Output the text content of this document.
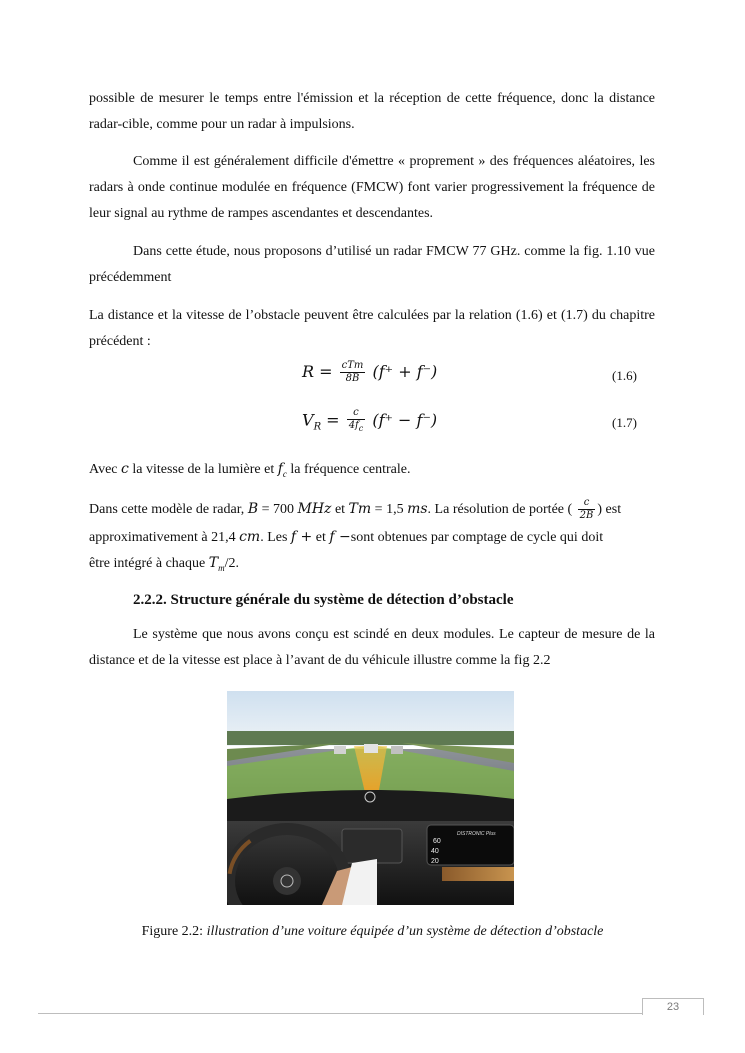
possible de mesurer le temps entre l'émission et la réception de cette fréquence, donc la distance radar-cible, comme pour un radar à impulsions.

Comme il est généralement difficile d'émettre « proprement » des fréquences aléatoires, les radars à onde continue modulée en fréquence (FMCW) font varier progressivement la fréquence de leur signal au rythme de rampes ascendantes et descendantes.

Dans cette étude, nous proposons d’utilisé un radar FMCW 77 GHz. comme la fig. 1.10 vue précédemment

La distance et la vitesse de l’obstacle peuvent être calculées par la relation (1.6) et (1.7) du chapitre précédent :

$R = \frac{\text{cTm}}{8B} (f^+ + f^-)$	(1.6)
$V_R = \frac{c}{4f_c} (f^+ - f^-)$	(1.7)

Avec c la vitesse de la lumière et $f_c$ la fréquence centrale.

Dans cette modèle de radar, B = 700 MHz et Tm = 1,5 ms. La résolution de portée ( $\frac{c}{2B}$ ) est
approximativement à 21,4 cm. Les f + et f −sont obtenues par comptage de cycle qui doit
être intégré à chaque $T_m/2$.
2.2.2. Structure générale du système de détection d’obstacle

Le système que nous avons conçu est scindé en deux modules. Le capteur de mesure de la distance et de la vitesse est place à l’avant de du véhicule illustre comme la fig 2.2

DISTRONIC Plus
60
40
20
Figure 2.2: illustration d’une voiture équipée d’un système de détection d’obstacle
23
